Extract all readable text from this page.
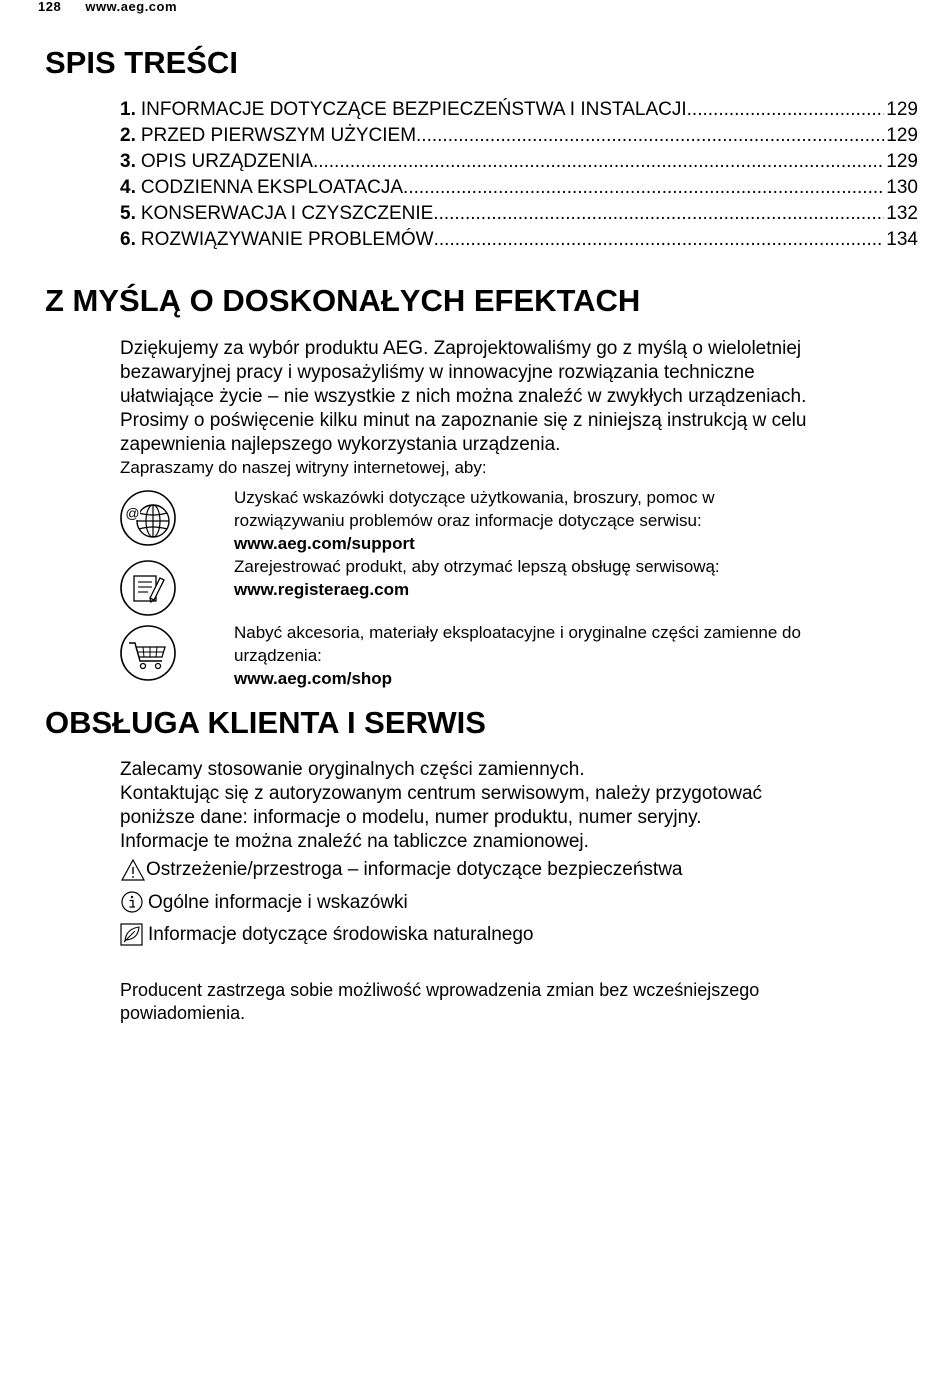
128 www.aeg.com
SPIS TREŚCI
1. INFORMACJE DOTYCZĄCE BEZPIECZEŃSTWA I INSTALACJI .....	129
2. PRZED PIERWSZYM UŻYCIEM .....	129
3. OPIS URZĄDZENIA .....	129
4. CODZIENNA EKSPLOATACJA .....	130
5. KONSERWACJA I CZYSZCZENIE .....	132
6. ROZWIĄZYWANIE PROBLEMÓW .....	134
Z MYŚLĄ O DOSKONAŁYCH EFEKTACH

Dziękujemy za wybór produktu AEG. Zaprojektowaliśmy go z myślą o wieloletniej

bezawaryjnej pracy i wyposażyliśmy w innowacyjne rozwiązania techniczne

ułatwiające życie – nie wszystkie z nich można znaleźć w zwykłych urządzeniach.

Prosimy o poświęcenie kilku minut na zapoznanie się z niniejszą instrukcją w celu

zapewnienia najlepszego wykorzystania urządzenia.

Zapraszamy do naszej witryny internetowej, aby:

@
Uzyskać wskazówki dotyczące użytkowania, broszury, pomoc w
rozwiązywaniu problemów oraz informacje dotyczące serwisu:
www.aeg.com/support
Zarejestrować produkt, aby otrzymać lepszą obsługę serwisową:
www.registeraeg.com
Nabyć akcesoria, materiały eksploatacyjne i oryginalne części zamienne do
urządzenia:
www.aeg.com/shop
OBSŁUGA KLIENTA I SERWIS

Zalecamy stosowanie oryginalnych części zamiennych.

Kontaktując się z autoryzowanym centrum serwisowym, należy przygotować

poniższe dane: informacje o modelu, numer produktu, numer seryjny.

Informacje te można znaleźć na tabliczce znamionowej.

Ostrzeżenie/przestroga – informacje dotyczące bezpieczeństwa
Ogólne informacje i wskazówki
Informacje dotyczące środowiska naturalnego

Producent zastrzega sobie możliwość wprowadzenia zmian bez wcześniejszego

powiadomienia.
